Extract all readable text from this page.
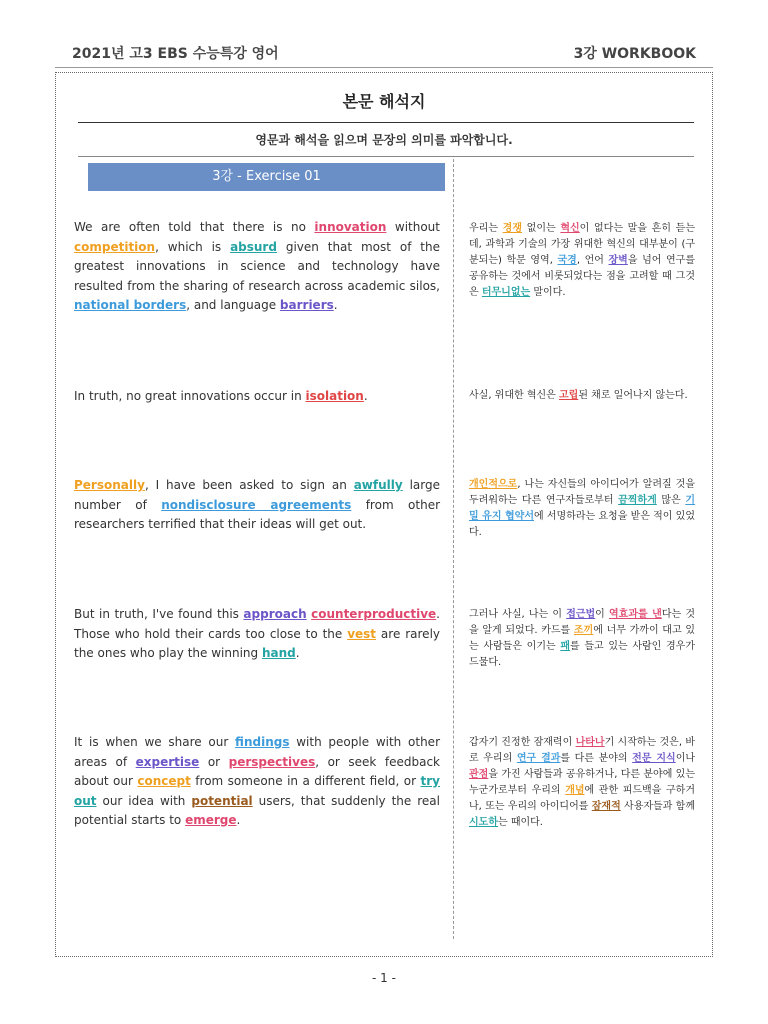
2021년 고3 EBS 수능특강 영어	3강 WORKBOOK
본문 해석지
영문과 해석을 읽으며 문장의 의미를 파악합니다.
3강 - Exercise 01
We are often told that there is no innovation without competition, which is absurd given that most of the greatest innovations in science and technology have resulted from the sharing of research across academic silos, national borders, and language barriers.
우리는 경쟁 없이는 혁신이 없다는 말을 흔히 듣는데, 과학과 기술의 가장 위대한 혁신의 대부분이 (구분되는) 학문 영역, 국경, 언어 장벽을 넘어 연구를 공유하는 것에서 비롯되었다는 점을 고려할 때 그것은 터무니없는 말이다.
In truth, no great innovations occur in isolation.	사실, 위대한 혁신은 고립된 채로 일어나지 않는다.
Personally, I have been asked to sign an awfully large number of nondisclosure agreements from other researchers terrified that their ideas will get out.
개인적으로, 나는 자신들의 아이디어가 알려질 것을 두려워하는 다른 연구자들로부터 끔찍하게 많은 기밀 유지 협약서에 서명하라는 요청을 받은 적이 있었다.
But in truth, I've found this approach counterproductive. Those who hold their cards too close to the vest are rarely the ones who play the winning hand.
그러나 사실, 나는 이 접근법이 역효과를 낸다는 것을 알게 되었다. 카드를 조끼에 너무 가까이 대고 있는 사람들은 이기는 패를 들고 있는 사람인 경우가 드물다.
It is when we share our findings with people with other areas of expertise or perspectives, or seek feedback about our concept from someone in a different field, or try out our idea with potential users, that suddenly the real potential starts to emerge.
갑자기 진정한 잠재력이 나타나기 시작하는 것은, 바로 우리의 연구 결과를 다른 분야의 전문 지식이나 관점을 가진 사람들과 공유하거나, 다른 분야에 있는 누군가로부터 우리의 개념에 관한 피드백을 구하거나, 또는 우리의 아이디어를 잠재적 사용자들과 함께 시도하는 때이다.
- 1 -
